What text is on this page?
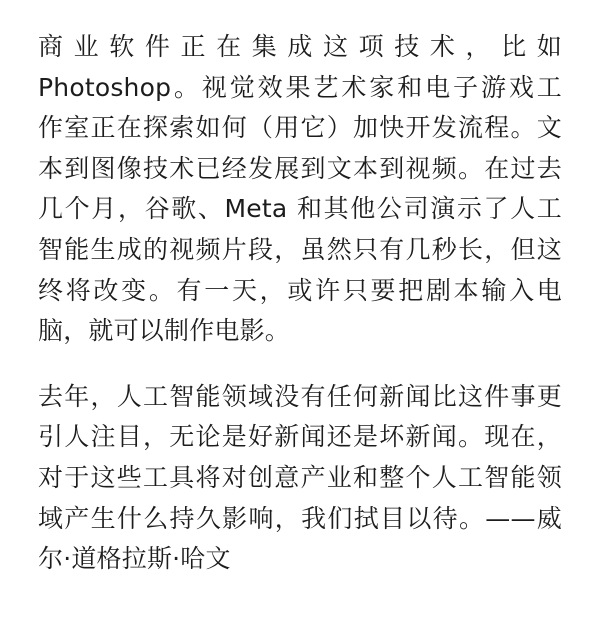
商业软件正在集成这项技术，比如
Photoshop。视觉效果艺术家和电子游戏工
作室正在探索如何（用它）加快开发流程。文
本到图像技术已经发展到文本到视频。在过去
几个月，谷歌、Meta 和其他公司演示了人工
智能生成的视频片段，虽然只有几秒长，但这
终将改变。有一天，或许只要把剧本输入电
脑，就可以制作电影。
去年，人工智能领域没有任何新闻比这件事更
引人注目，无论是好新闻还是坏新闻。现在，
对于这些工具将对创意产业和整个人工智能领
域产生什么持久影响，我们拭目以待。——威
尔·道格拉斯·哈文
